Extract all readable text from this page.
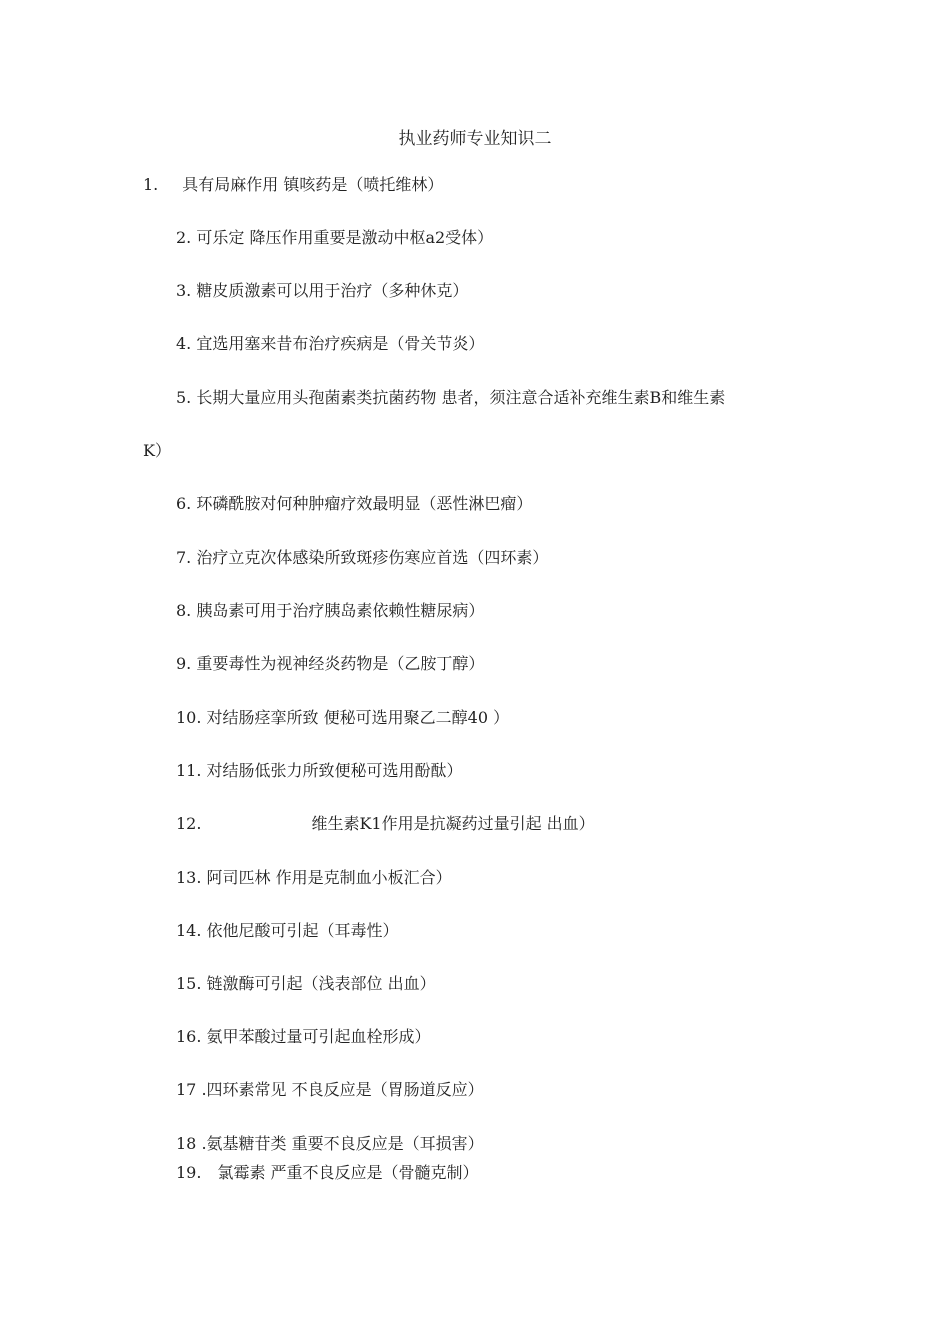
执业药师专业知识二
1. 具有局麻作用 镇咳药是（喷托维林）
2. 可乐定 降压作用重要是激动中枢a2受体）
3. 糖皮质激素可以用于治疗（多种休克）
4. 宜选用塞来昔布治疗疾病是（骨关节炎）
5. 长期大量应用头孢菌素类抗菌药物 患者，须注意合适补充维生素B和维生素
K）
6. 环磷酰胺对何种肿瘤疗效最明显（恶性淋巴瘤）
7. 治疗立克次体感染所致斑疹伤寒应首选（四环素）
8. 胰岛素可用于治疗胰岛素依赖性糖尿病）
9. 重要毒性为视神经炎药物是（乙胺丁醇）
10. 对结肠痉挛所致 便秘可选用聚乙二醇40 ）
11. 对结肠低张力所致便秘可选用酚酞）
12.	维生素K1作用是抗凝药过量引起 出血）
13. 阿司匹林 作用是克制血小板汇合）
14. 依他尼酸可引起（耳毒性）
15. 链激酶可引起（浅表部位 出血）
16. 氨甲苯酸过量可引起血栓形成）
17 .四环素常见 不良反应是（胃肠道反应）
18 .氨基糖苷类 重要不良反应是（耳损害）
19. 氯霉素 严重不良反应是（骨髓克制）
